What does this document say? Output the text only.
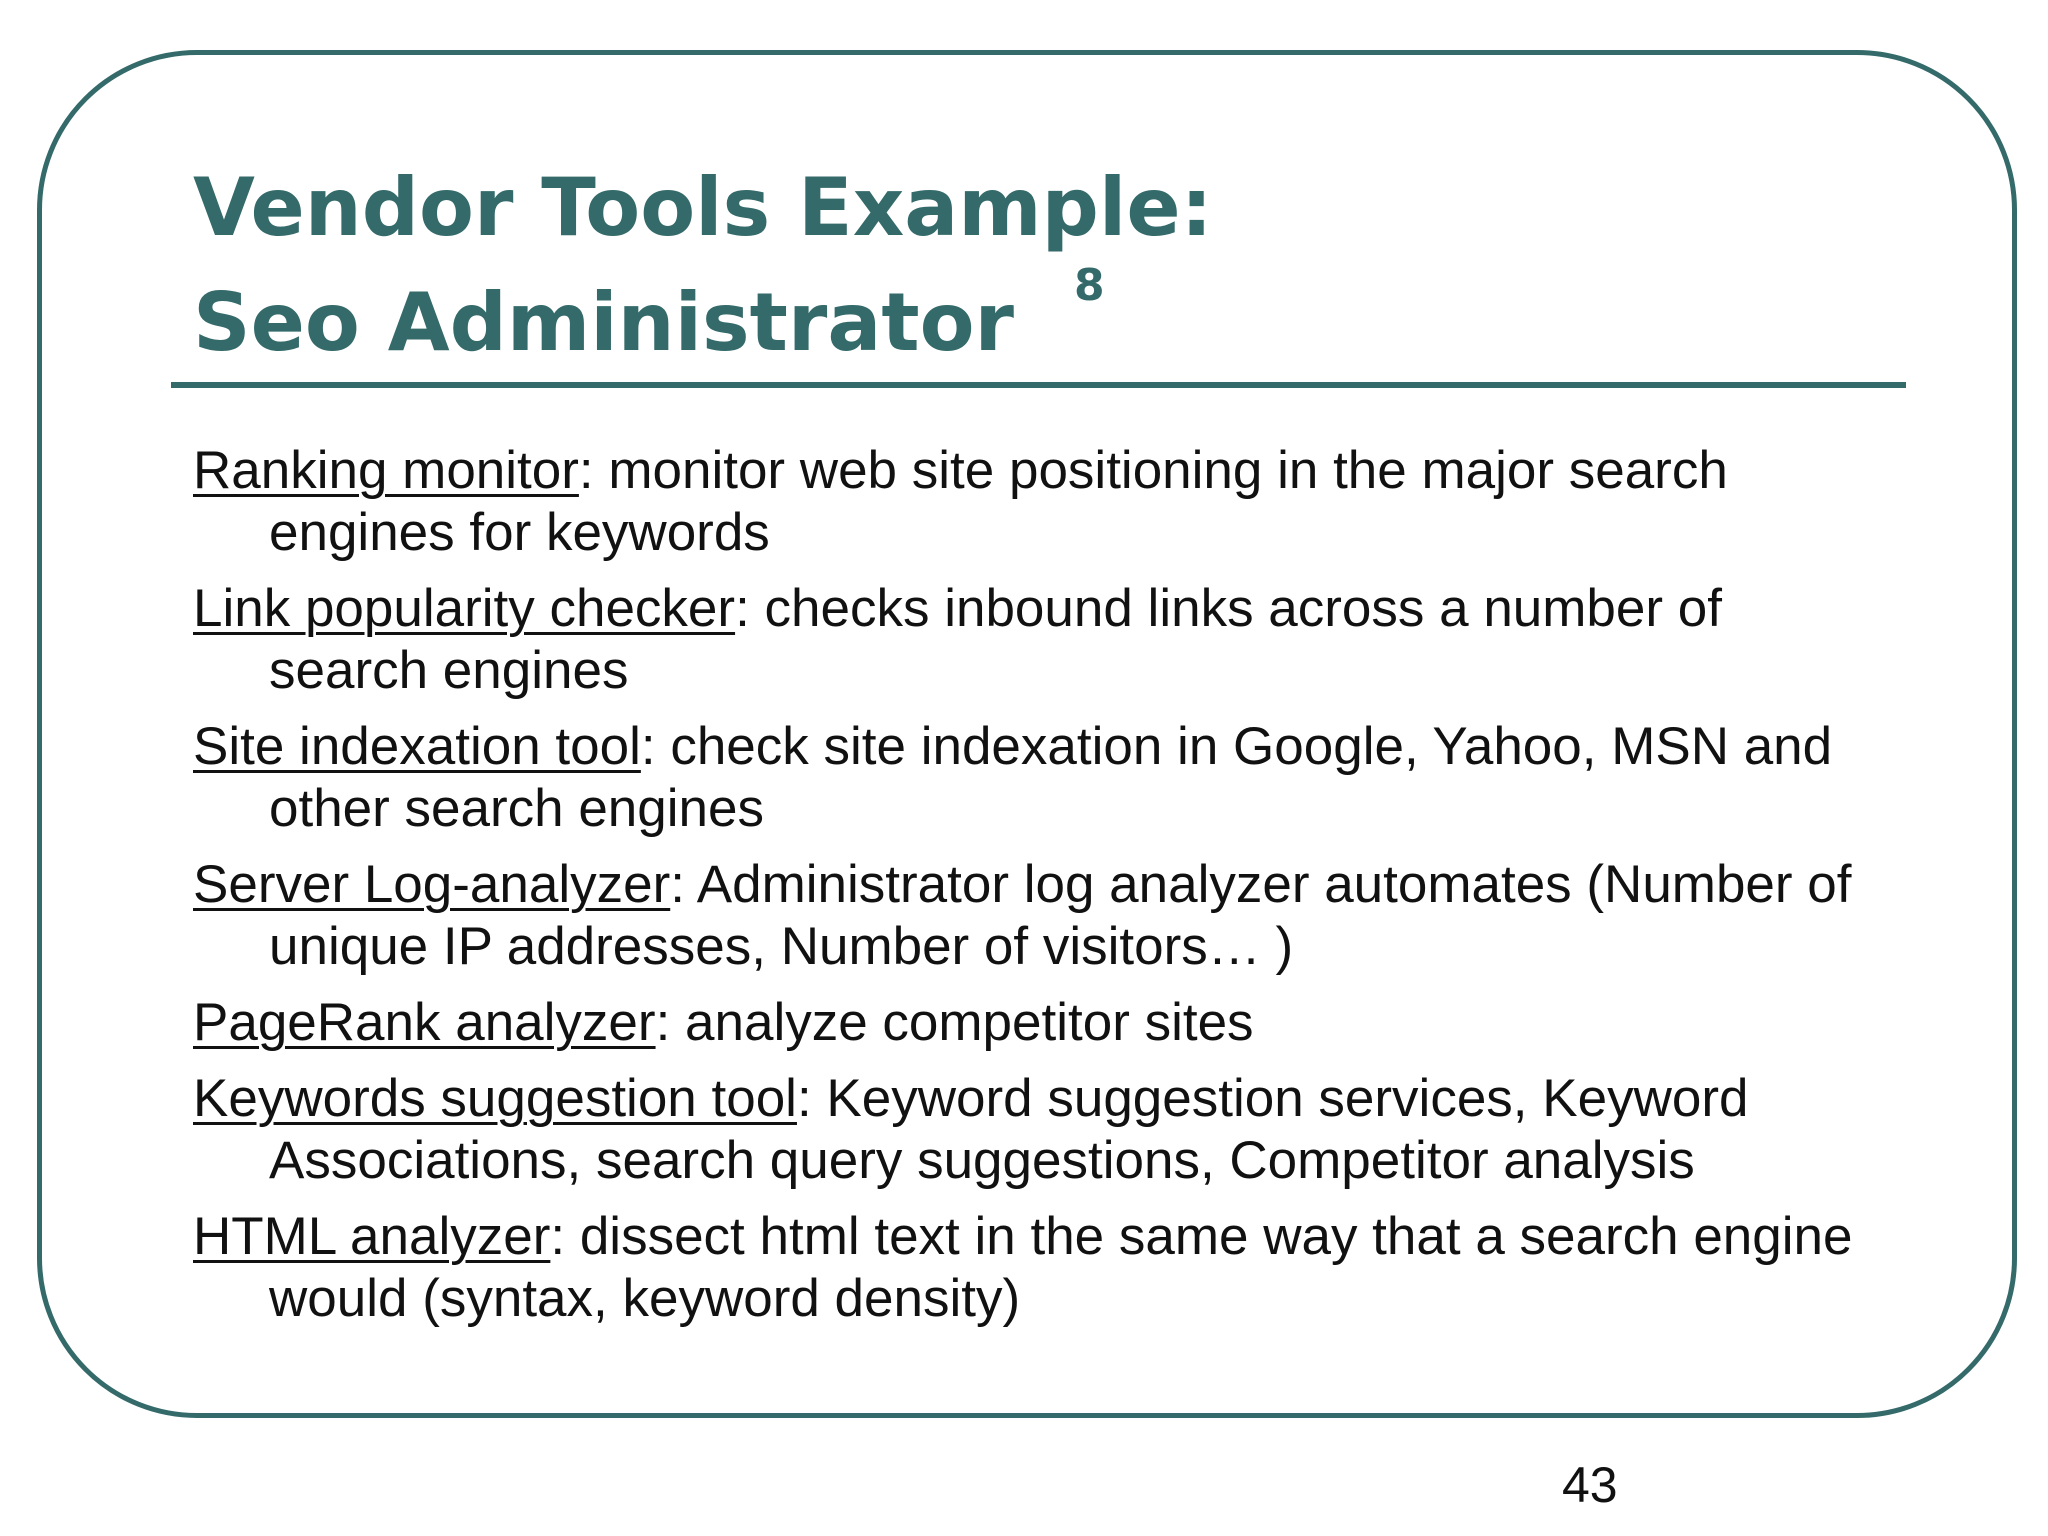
Vendor Tools Example:
Seo Administrator $^8$
Ranking monitor: monitor web site positioning in the major search engines for keywords
Link popularity checker: checks inbound links across a number of search engines
Site indexation tool: check site indexation in Google, Yahoo, MSN and other search engines
Server Log-analyzer: Administrator log analyzer automates (Number of unique IP addresses, Number of visitors… )
PageRank analyzer: analyze competitor sites
Keywords suggestion tool: Keyword suggestion services, Keyword Associations, search query suggestions, Competitor analysis
HTML analyzer: dissect html text in the same way that a search engine would (syntax, keyword density)
43
